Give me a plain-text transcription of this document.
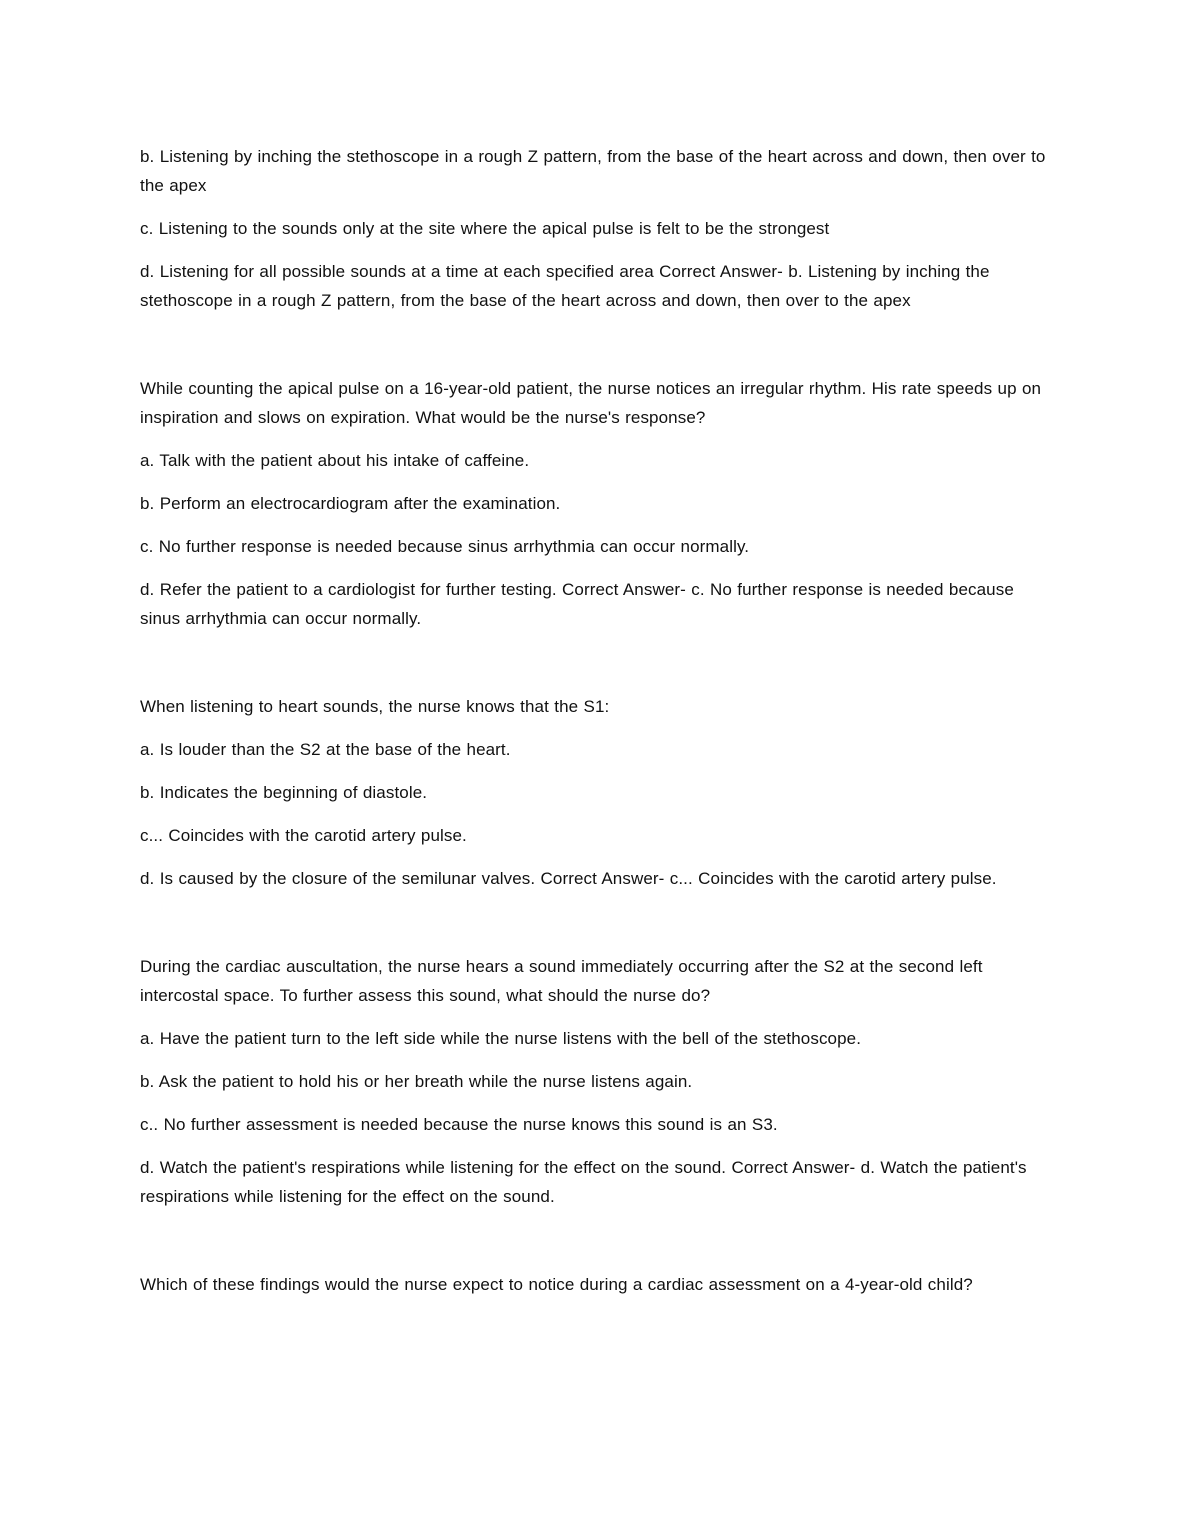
b. Listening by inching the stethoscope in a rough Z pattern, from the base of the heart across and down, then over to the apex

c. Listening to the sounds only at the site where the apical pulse is felt to be the strongest

d. Listening for all possible sounds at a time at each specified area Correct Answer- b. Listening by inching the stethoscope in a rough Z pattern, from the base of the heart across and down, then over to the apex

While counting the apical pulse on a 16-year-old patient, the nurse notices an irregular rhythm. His rate speeds up on inspiration and slows on expiration. What would be the nurse's response?

a. Talk with the patient about his intake of caffeine.

b. Perform an electrocardiogram after the examination.

c. No further response is needed because sinus arrhythmia can occur normally.

d. Refer the patient to a cardiologist for further testing. Correct Answer- c. No further response is needed because sinus arrhythmia can occur normally.

When listening to heart sounds, the nurse knows that the S1:

a. Is louder than the S2 at the base of the heart.

b. Indicates the beginning of diastole.

c... Coincides with the carotid artery pulse.

d. Is caused by the closure of the semilunar valves. Correct Answer- c... Coincides with the carotid artery pulse.

During the cardiac auscultation, the nurse hears a sound immediately occurring after the S2 at the second left intercostal space. To further assess this sound, what should the nurse do?

a. Have the patient turn to the left side while the nurse listens with the bell of the stethoscope.

b. Ask the patient to hold his or her breath while the nurse listens again.

c.. No further assessment is needed because the nurse knows this sound is an S3.

d. Watch the patient's respirations while listening for the effect on the sound. Correct Answer- d. Watch the patient's respirations while listening for the effect on the sound.

Which of these findings would the nurse expect to notice during a cardiac assessment on a 4-year-old child?
